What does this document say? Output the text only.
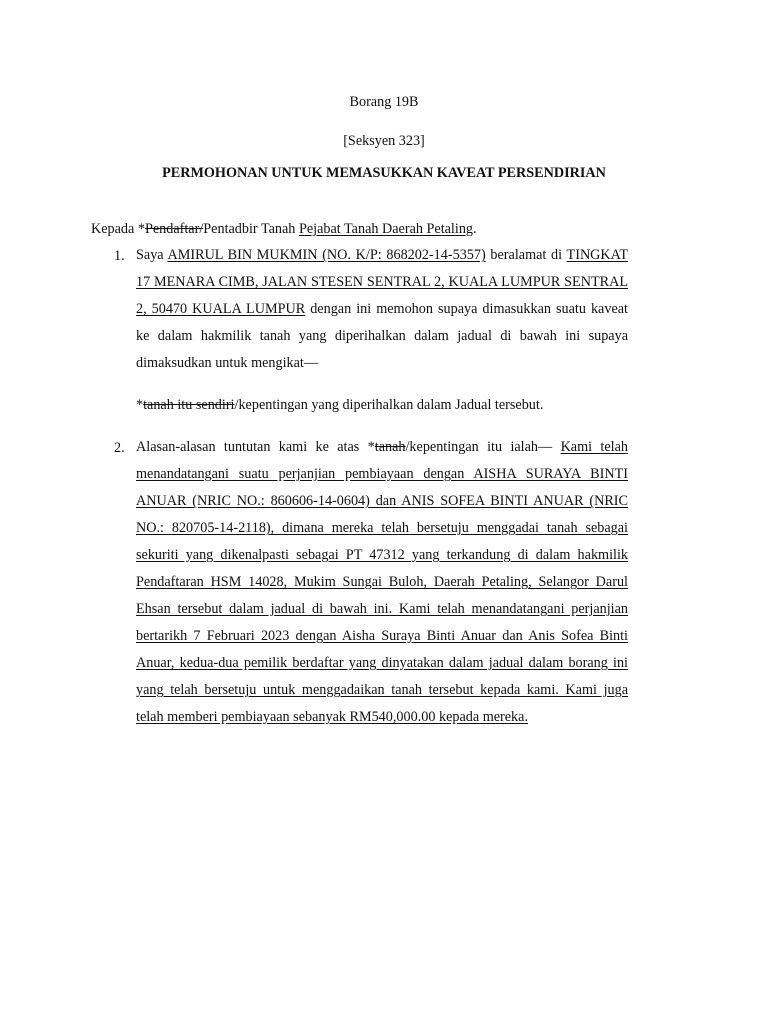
Borang 19B
[Seksyen 323]
PERMOHONAN UNTUK MEMASUKKAN KAVEAT PERSENDIRIAN
Kepada *Pendaftar/Pentadbir Tanah Pejabat Tanah Daerah Petaling.
1. Saya AMIRUL BIN MUKMIN (NO. K/P: 868202-14-5357) beralamat di TINGKAT 17 MENARA CIMB, JALAN STESEN SENTRAL 2, KUALA LUMPUR SENTRAL 2, 50470 KUALA LUMPUR dengan ini memohon supaya dimasukkan suatu kaveat ke dalam hakmilik tanah yang diperihalkan dalam jadual di bawah ini supaya dimaksudkan untuk mengikat—
*tanah itu sendiri/kepentingan yang diperihalkan dalam Jadual tersebut.
2. Alasan-alasan tuntutan kami ke atas *tanah/kepentingan itu ialah— Kami telah menandatangani suatu perjanjian pembiayaan dengan AISHA SURAYA BINTI ANUAR (NRIC NO.: 860606-14-0604) dan ANIS SOFEA BINTI ANUAR (NRIC NO.: 820705-14-2118), dimana mereka telah bersetuju menggadai tanah sebagai sekuriti yang dikenalpasti sebagai PT 47312 yang terkandung di dalam hakmilik Pendaftaran HSM 14028, Mukim Sungai Buloh, Daerah Petaling, Selangor Darul Ehsan tersebut dalam jadual di bawah ini. Kami telah menandatangani perjanjian bertarikh 7 Februari 2023 dengan Aisha Suraya Binti Anuar dan Anis Sofea Binti Anuar, kedua-dua pemilik berdaftar yang dinyatakan dalam jadual dalam borang ini yang telah bersetuju untuk menggadaikan tanah tersebut kepada kami. Kami juga telah memberi pembiayaan sebanyak RM540,000.00 kepada mereka.
